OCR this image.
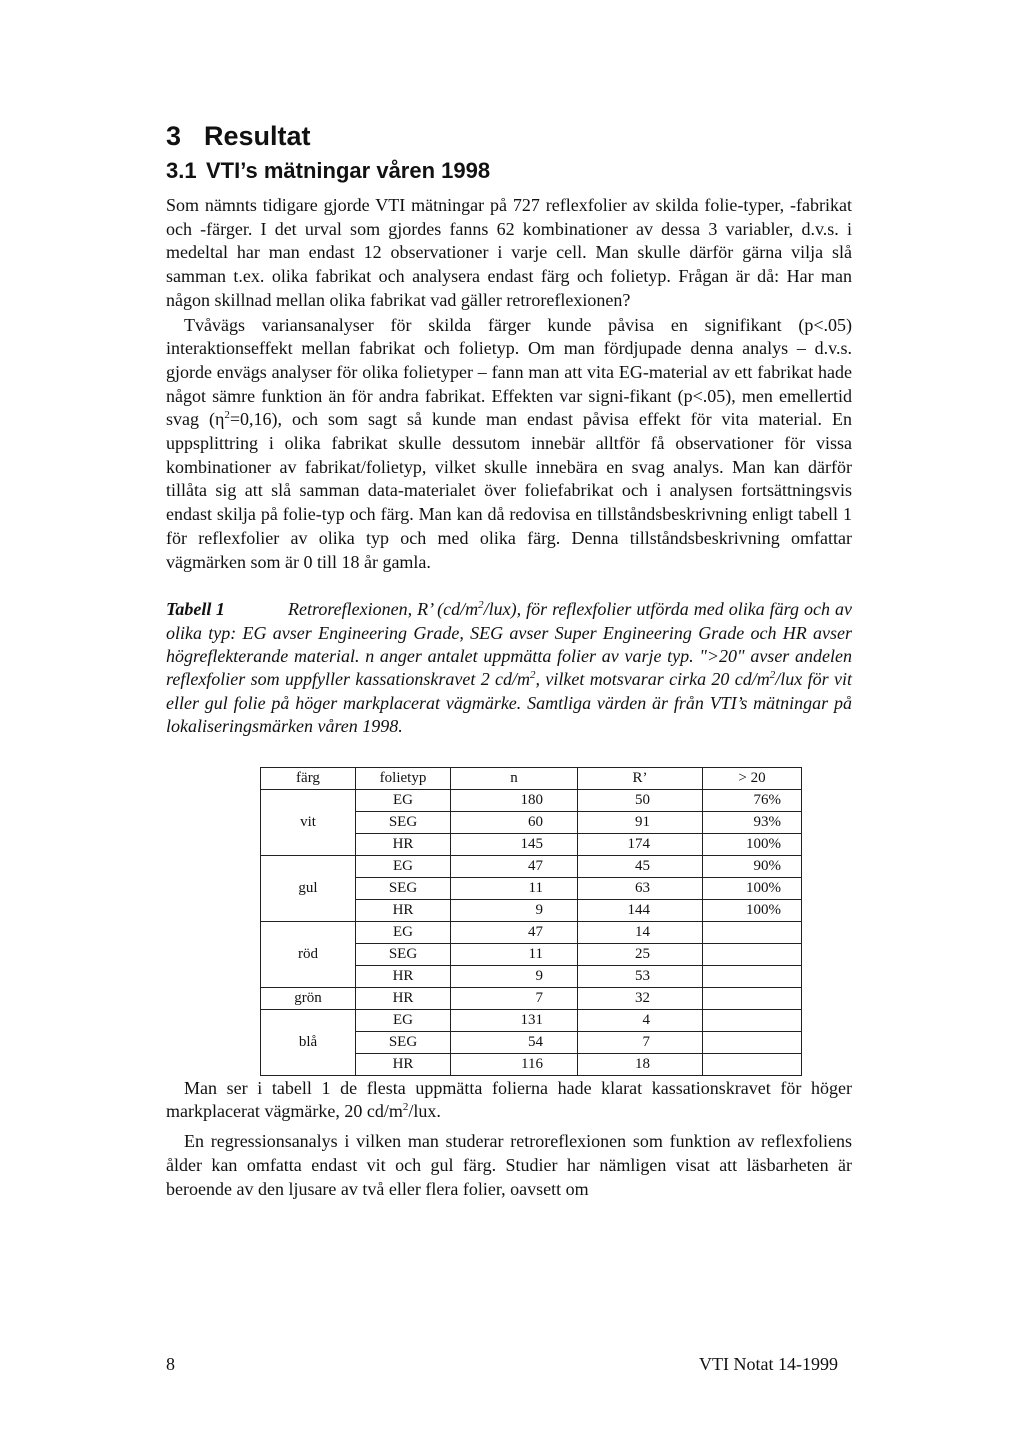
3 Resultat
3.1 VTI’s mätningar våren 1998

Som nämnts tidigare gjorde VTI mätningar på 727 reflexfolier av skilda folie-typer, -fabrikat och -färger. I det urval som gjordes fanns 62 kombinationer av dessa 3 variabler, d.v.s. i medeltal har man endast 12 observationer i varje cell. Man skulle därför gärna vilja slå samman t.ex. olika fabrikat och analysera endast färg och folietyp. Frågan är då: Har man någon skillnad mellan olika fabrikat vad gäller retroreflexionen?

Tvåvägs variansanalyser för skilda färger kunde påvisa en signifikant (p<.05) interaktionseffekt mellan fabrikat och folietyp. Om man fördjupade denna analys – d.v.s. gjorde envägs analyser för olika folietyper – fann man att vita EG-material av ett fabrikat hade något sämre funktion än för andra fabrikat. Effekten var signi-fikant (p<.05), men emellertid svag $(\eta^2=0,16)$, och som sagt så kunde man endast påvisa effekt för vita material. En uppsplittring i olika fabrikat skulle dessutom innebär alltför få observationer för vissa kombinationer av fabrikat/folietyp, vilket skulle innebära en svag analys. Man kan därför tillåta sig att slå samman data-materialet över foliefabrikat och i analysen fortsättningsvis endast skilja på folie-typ och färg. Man kan då redovisa en tillståndsbeskrivning enligt tabell 1 för reflexfolier av olika typ och med olika färg. Denna tillståndsbeskrivning omfattar vägmärken som är 0 till 18 år gamla.

Tabell 1	Retroreflexionen, R’ $(cd/m^2/lux)$, för reflexfolier utförda med olika färg och av olika typ: EG avser Engineering Grade, SEG avser Super Engineering Grade och HR avser högreflekterande material. n anger antalet uppmätta folier av varje typ. ">20" avser andelen reflexfolier som uppfyller kassationskravet 2 $cd/m^2$, vilket motsvarar cirka 20 $cd/m^2$/lux för vit eller gul folie på höger markplacerat vägmärke. Samtliga värden är från VTI’s mätningar på lokaliseringsmärken våren 1998.
färg	folietyp	n	R’	> 20
vit	EG	180	50	76%
	SEG	60	91	93%
	HR	145	174	100%
gul	EG	47	45	90%
	SEG	11	63	100%
	HR	9	144	100%
röd	EG	47	14	
	SEG	11	25	
	HR	9	53	
grön	HR	7	32	
blå	EG	131	4	
	SEG	54	7	
	HR	116	18	

Man ser i tabell 1 de flesta uppmätta folierna hade klarat kassationskravet för höger markplacerat vägmärke, 20 $cd/m^2$/lux.

En regressionsanalys i vilken man studerar retroreflexionen som funktion av reflexfoliens ålder kan omfatta endast vit och gul färg. Studier har nämligen visat att läsbarheten är beroende av den ljusare av två eller flera folier, oavsett om

8	VTI Notat 14-1999
